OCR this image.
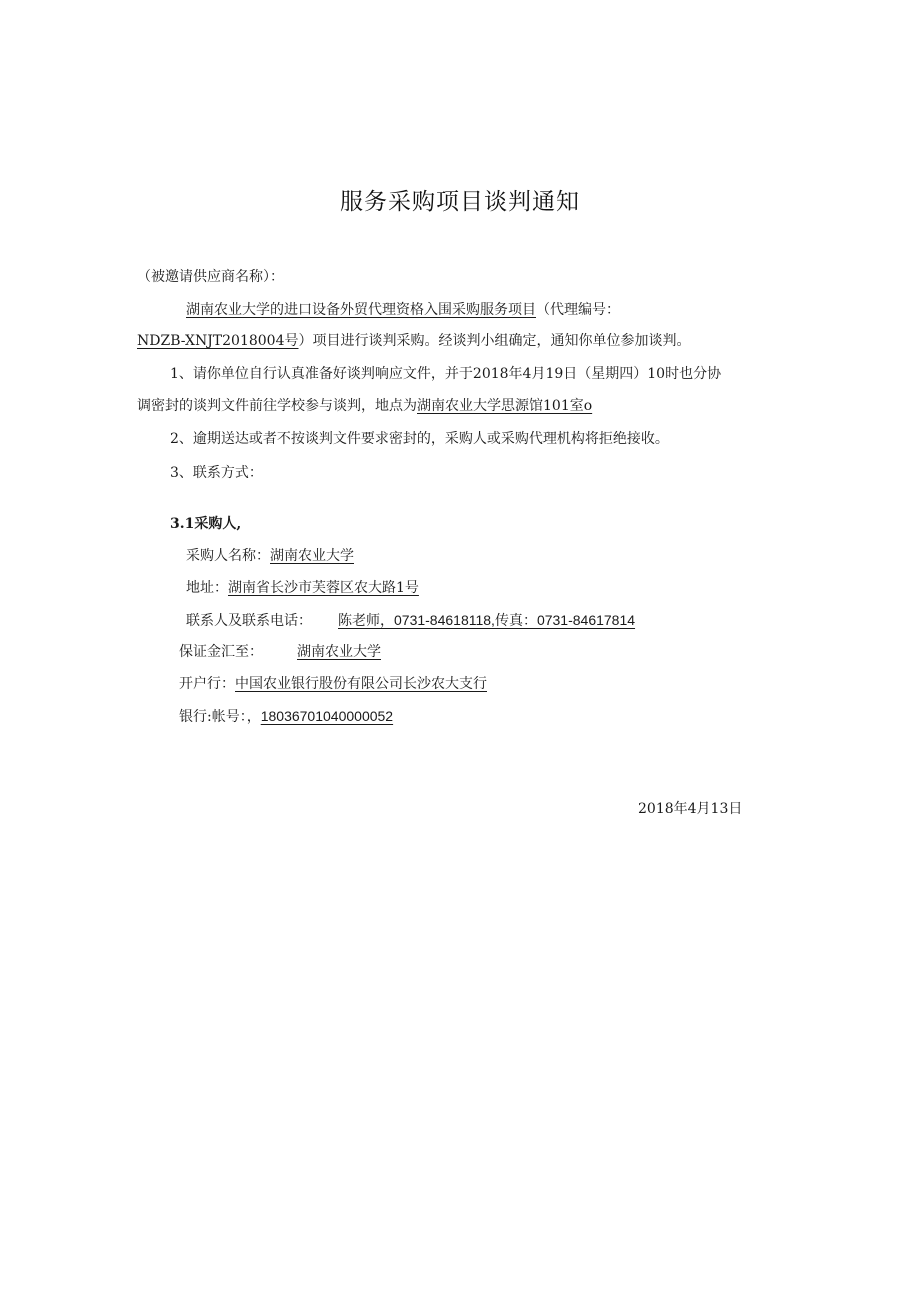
服务采购项目谈判通知
（被邀请供应商名称）：
湖南农业大学的进口设备外贸代理资格入围采购服务项目（代理编号：
NDZB-XNJT2018004号）项目进行谈判采购。经谈判小组确定，通知你单位参加谈判。
1、请你单位自行认真准备好谈判响应文件，并于2018年4月19日（星期四）10时也分协
调密封的谈判文件前往学校参与谈判，地点为湖南农业大学思源馆101室o
2、逾期送达或者不按谈判文件要求密封的，采购人或采购代理机构将拒绝接收。
3、联系方式：
3.1采购人,
采购人名称：湖南农业大学
地址：湖南省长沙市芙蓉区农大路1号
联系人及联系电话： 陈老师，0731-84618118,传真：0731-84617814
保证金汇至： 湖南农业大学
开户行：中国农业银行股份有限公司长沙农大支行
银行:帐号：，18036701040000052
2018年4月13日
